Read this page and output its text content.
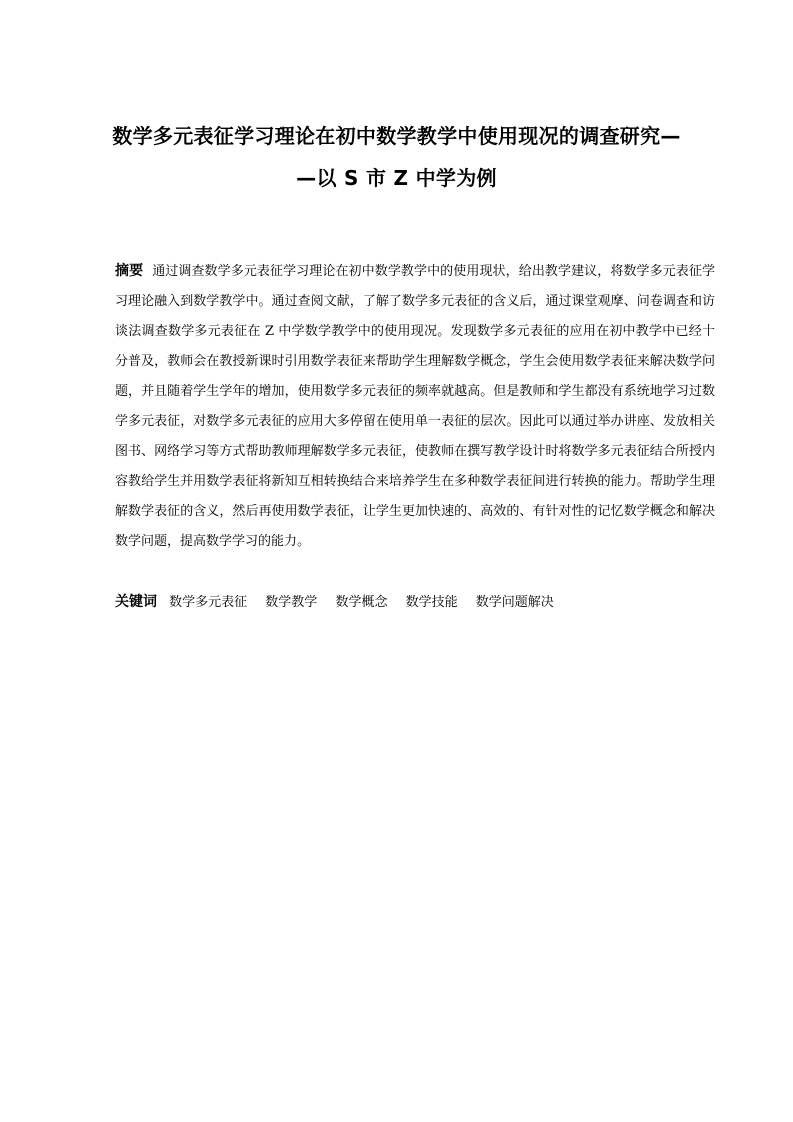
数学多元表征学习理论在初中数学教学中使用现况的调查研究—
—以 S 市 Z 中学为例
摘要 通过调查数学多元表征学习理论在初中数学教学中的使用现状，给出教学建议，将数学多元表征学习理论融入到数学教学中。通过查阅文献，了解了数学多元表征的含义后，通过课堂观摩、问卷调查和访谈法调查数学多元表征在 Z 中学数学教学中的使用现况。发现数学多元表征的应用在初中教学中已经十分普及，教师会在教授新课时引用数学表征来帮助学生理解数学概念，学生会使用数学表征来解决数学问题，并且随着学生学年的增加，使用数学多元表征的频率就越高。但是教师和学生都没有系统地学习过数学多元表征，对数学多元表征的应用大多停留在使用单一表征的层次。因此可以通过举办讲座、发放相关图书、网络学习等方式帮助教师理解数学多元表征，使教师在撰写教学设计时将数学多元表征结合所授内容教给学生并用数学表征将新知互相转换结合来培养学生在多种数学表征间进行转换的能力。帮助学生理解数学表征的含义，然后再使用数学表征，让学生更加快速的、高效的、有针对性的记忆数学概念和解决数学问题，提高数学学习的能力。
关键词 数学多元表征 数学教学 数学概念 数学技能 数学问题解决
